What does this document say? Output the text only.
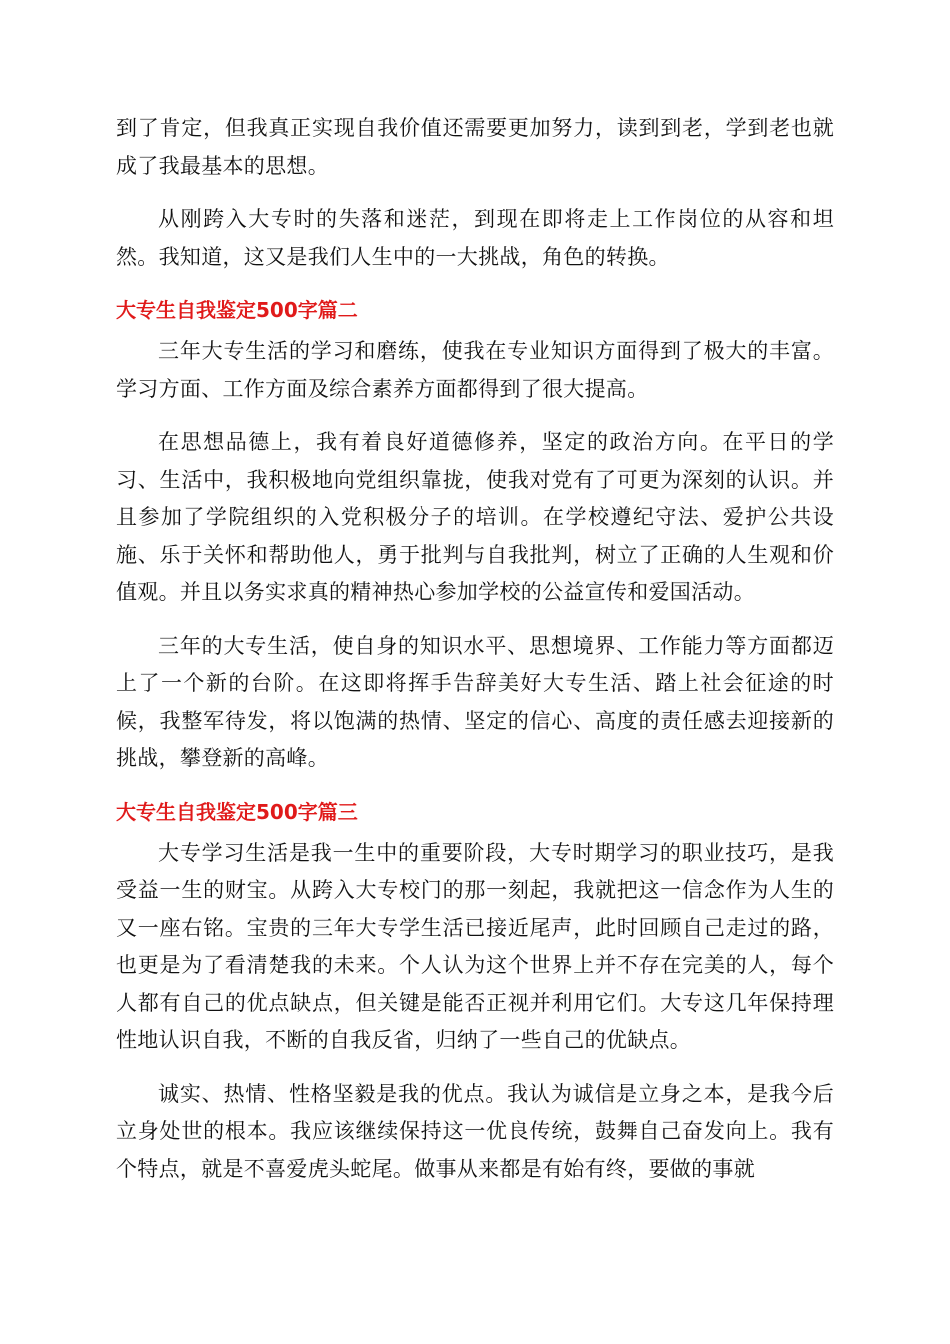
到了肯定，但我真正实现自我价值还需要更加努力，读到到老，学到老也就成了我最基本的思想。

从刚跨入大专时的失落和迷茫，到现在即将走上工作岗位的从容和坦然。我知道，这又是我们人生中的一大挑战，角色的转换。

大专生自我鉴定500字篇二

三年大专生活的学习和磨练，使我在专业知识方面得到了极大的丰富。学习方面、工作方面及综合素养方面都得到了很大提高。

在思想品德上，我有着良好道德修养，坚定的政治方向。在平日的学习、生活中，我积极地向党组织靠拢，使我对党有了可更为深刻的认识。并且参加了学院组织的入党积极分子的培训。在学校遵纪守法、爱护公共设施、乐于关怀和帮助他人，勇于批判与自我批判，树立了正确的人生观和价值观。并且以务实求真的精神热心参加学校的公益宣传和爱国活动。

三年的大专生活，使自身的知识水平、思想境界、工作能力等方面都迈上了一个新的台阶。在这即将挥手告辞美好大专生活、踏上社会征途的时候，我整军待发，将以饱满的热情、坚定的信心、高度的责任感去迎接新的挑战，攀登新的高峰。

大专生自我鉴定500字篇三

大专学习生活是我一生中的重要阶段，大专时期学习的职业技巧，是我受益一生的财宝。从跨入大专校门的那一刻起，我就把这一信念作为人生的又一座右铭。宝贵的三年大专学生活已接近尾声，此时回顾自己走过的路，也更是为了看清楚我的未来。个人认为这个世界上并不存在完美的人，每个人都有自己的优点缺点，但关键是能否正视并利用它们。大专这几年保持理性地认识自我，不断的自我反省，归纳了一些自己的优缺点。

诚实、热情、性格坚毅是我的优点。我认为诚信是立身之本，是我今后立身处世的根本。我应该继续保持这一优良传统，鼓舞自己奋发向上。我有个特点，就是不喜爱虎头蛇尾。做事从来都是有始有终，要做的事就
